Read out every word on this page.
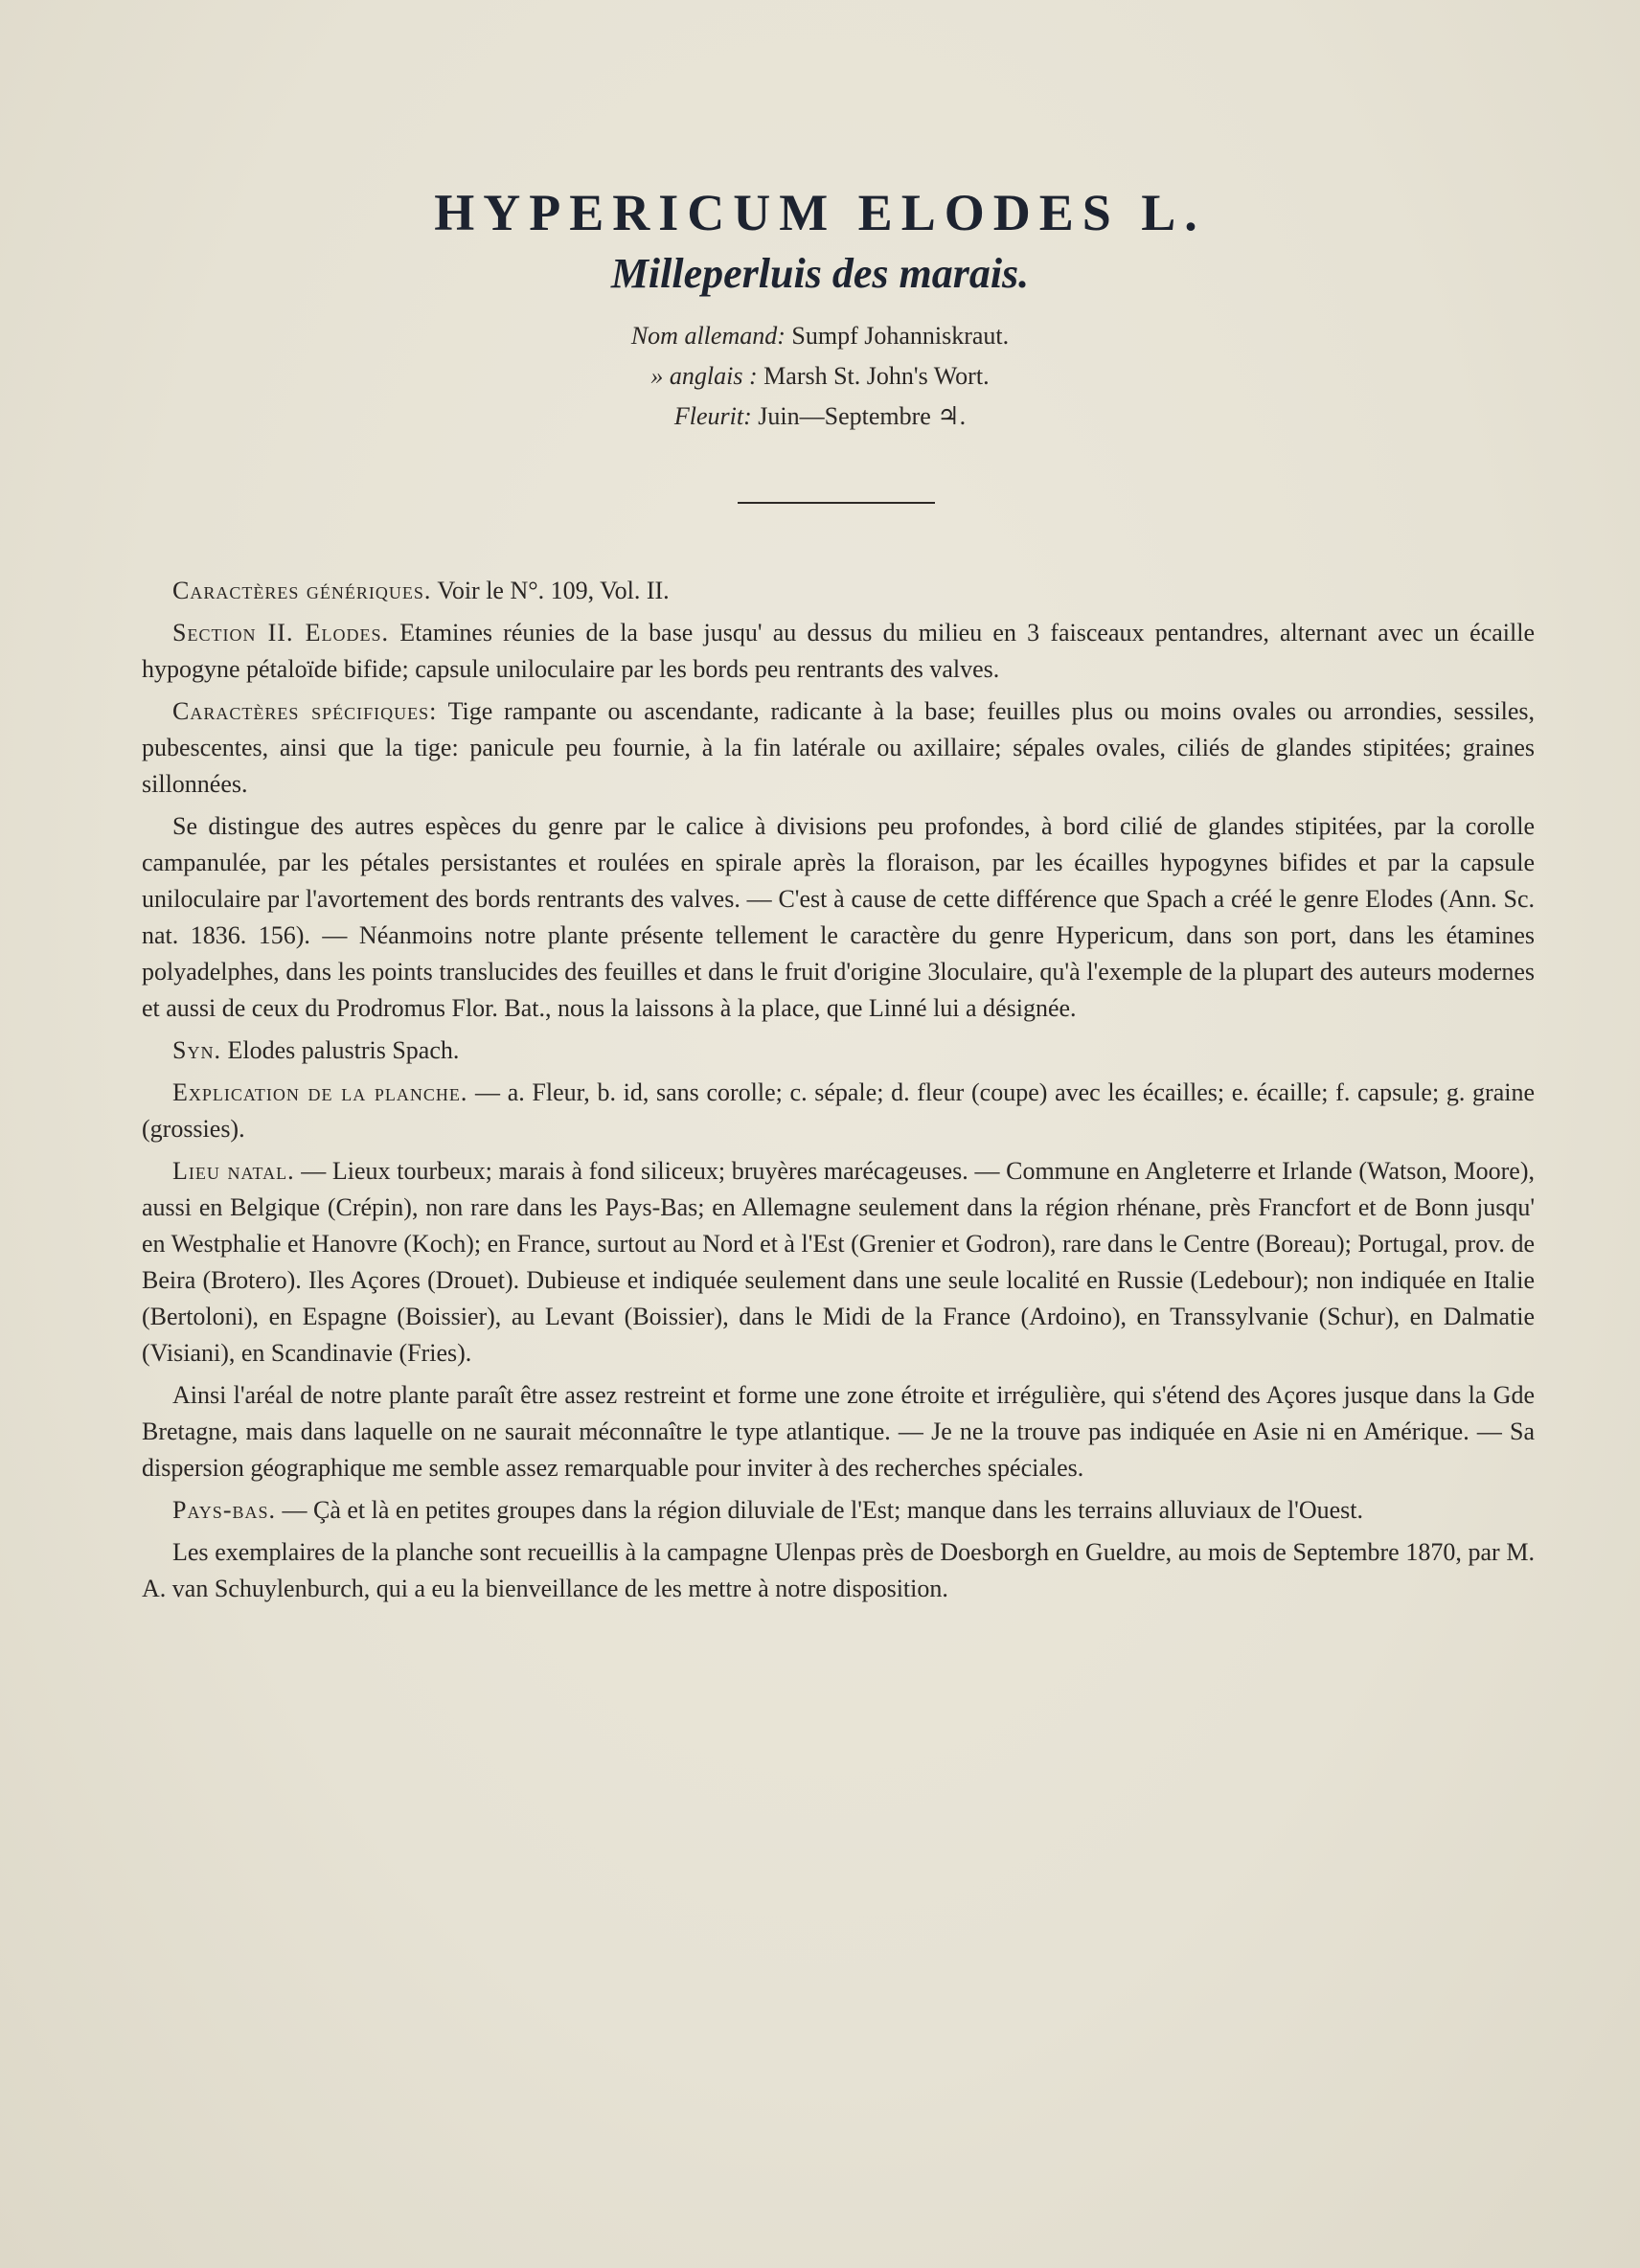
HYPERICUM ELODES L.
Milleperluis des marais.
Nom allemand: Sumpf Johanniskraut.
» anglais : Marsh St. John's Wort.
Fleurit: Juin—Septembre ♃.

Caractères génériques. Voir le N°. 109, Vol. II.

Section II. Elodes. Etamines réunies de la base jusqu' au dessus du milieu en 3 faisceaux pentandres, alternant avec un écaille hypogyne pétaloïde bifide; capsule uniloculaire par les bords peu rentrants des valves.

Caractères spécifiques: Tige rampante ou ascendante, radicante à la base; feuilles plus ou moins ovales ou arrondies, sessiles, pubescentes, ainsi que la tige: panicule peu fournie, à la fin latérale ou axillaire; sépales ovales, ciliés de glandes stipitées; graines sillonnées.

Se distingue des autres espèces du genre par le calice à divisions peu profondes, à bord cilié de glandes stipitées, par la corolle campanulée, par les pétales persistantes et roulées en spirale après la floraison, par les écailles hypogynes bifides et par la capsule uniloculaire par l'avortement des bords rentrants des valves. — C'est à cause de cette différence que Spach a créé le genre Elodes (Ann. Sc. nat. 1836. 156). — Néanmoins notre plante présente tellement le caractère du genre Hypericum, dans son port, dans les étamines polyadelphes, dans les points translucides des feuilles et dans le fruit d'origine 3loculaire, qu'à l'exemple de la plupart des auteurs modernes et aussi de ceux du Prodromus Flor. Bat., nous la laissons à la place, que Linné lui a désignée.

Syn. Elodes palustris Spach.

Explication de la planche. — a. Fleur, b. id, sans corolle; c. sépale; d. fleur (coupe) avec les écailles; e. écaille; f. capsule; g. graine (grossies).

Lieu natal. — Lieux tourbeux; marais à fond siliceux; bruyères marécageuses. — Commune en Angleterre et Irlande (Watson, Moore), aussi en Belgique (Crépin), non rare dans les Pays-Bas; en Allemagne seulement dans la région rhénane, près Francfort et de Bonn jusqu' en Westphalie et Hanovre (Koch); en France, surtout au Nord et à l'Est (Grenier et Godron), rare dans le Centre (Boreau); Portugal, prov. de Beira (Brotero). Iles Açores (Drouet). Dubieuse et indiquée seulement dans une seule localité en Russie (Ledebour); non indiquée en Italie (Bertoloni), en Espagne (Boissier), au Levant (Boissier), dans le Midi de la France (Ardoino), en Transsylvanie (Schur), en Dalmatie (Visiani), en Scandinavie (Fries).

Ainsi l'aréal de notre plante paraît être assez restreint et forme une zone étroite et irrégulière, qui s'étend des Açores jusque dans la Gde Bretagne, mais dans laquelle on ne saurait méconnaître le type atlantique. — Je ne la trouve pas indiquée en Asie ni en Amérique. — Sa dispersion géographique me semble assez remarquable pour inviter à des recherches spéciales.

Pays-bas. — Çà et là en petites groupes dans la région diluviale de l'Est; manque dans les terrains alluviaux de l'Ouest.

Les exemplaires de la planche sont recueillis à la campagne Ulenpas près de Doesborgh en Gueldre, au mois de Septembre 1870, par M. A. van Schuylenburch, qui a eu la bienveillance de les mettre à notre disposition.
